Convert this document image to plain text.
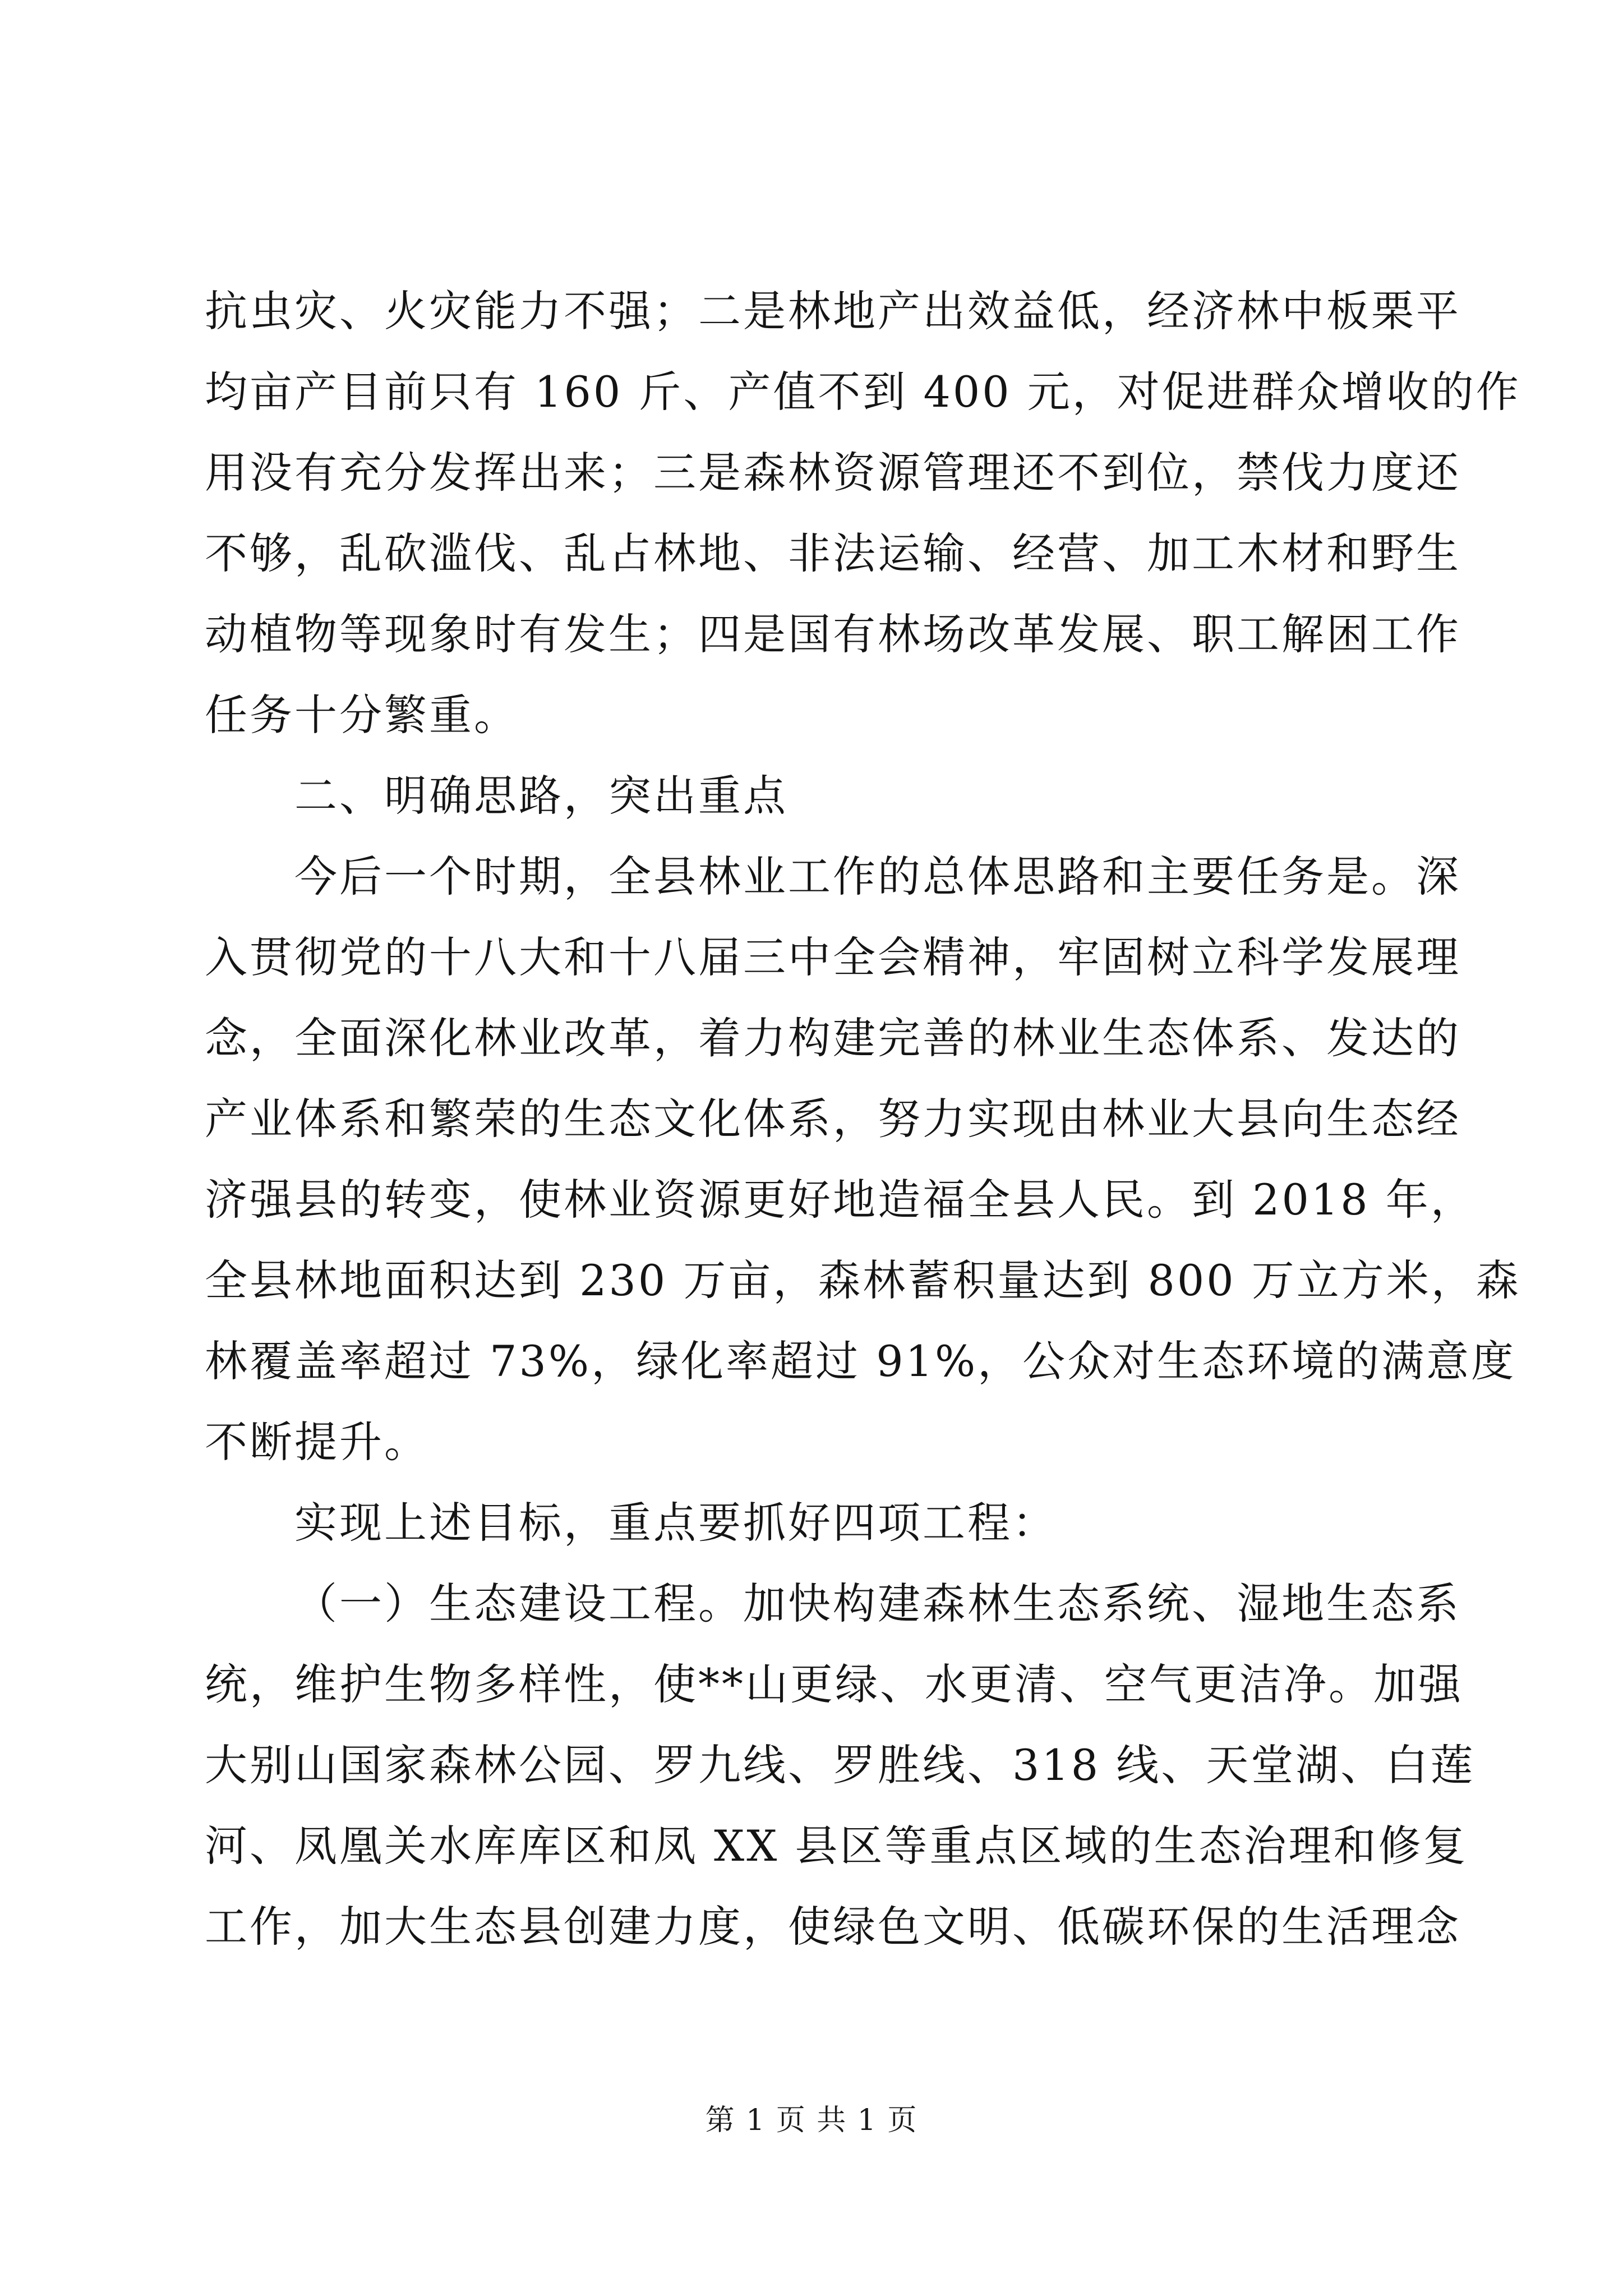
抗虫灾、火灾能力不强；二是林地产出效益低，经济林中板栗平
均亩产目前只有 160 斤、产值不到 400 元，对促进群众增收的作
用没有充分发挥出来；三是森林资源管理还不到位，禁伐力度还
不够，乱砍滥伐、乱占林地、非法运输、经营、加工木材和野生
动植物等现象时有发生；四是国有林场改革发展、职工解困工作
任务十分繁重。
二、明确思路，突出重点
今后一个时期，全县林业工作的总体思路和主要任务是。深
入贯彻党的十八大和十八届三中全会精神，牢固树立科学发展理
念，全面深化林业改革，着力构建完善的林业生态体系、发达的
产业体系和繁荣的生态文化体系，努力实现由林业大县向生态经
济强县的转变，使林业资源更好地造福全县人民。到 2018 年，
全县林地面积达到 230 万亩，森林蓄积量达到 800 万立方米，森
林覆盖率超过 73%，绿化率超过 91%，公众对生态环境的满意度
不断提升。
实现上述目标，重点要抓好四项工程：
（一）生态建设工程。加快构建森林生态系统、湿地生态系
统，维护生物多样性，使**山更绿、水更清、空气更洁净。加强
大别山国家森林公园、罗九线、罗胜线、318 线、天堂湖、白莲
河、凤凰关水库库区和凤 XX 县区等重点区域的生态治理和修复
工作，加大生态县创建力度，使绿色文明、低碳环保的生活理念
第 1 页 共 1 页
